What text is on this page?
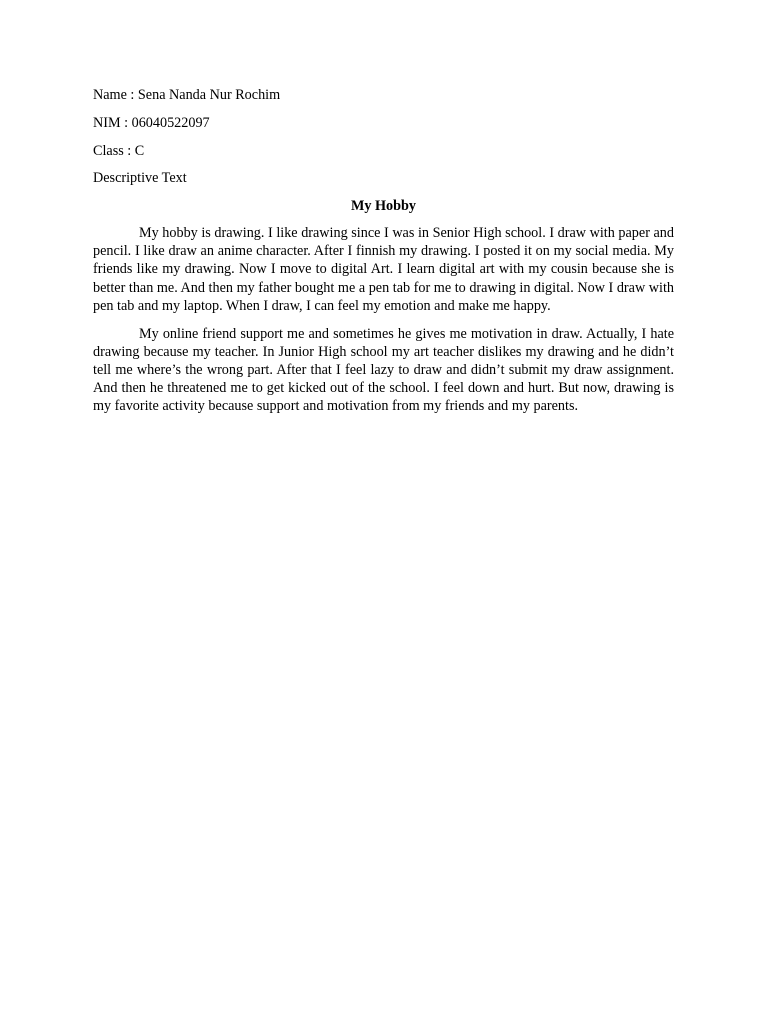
Name : Sena Nanda Nur Rochim
NIM : 06040522097
Class : C
Descriptive Text
My Hobby

My hobby is drawing. I like drawing since I was in Senior High school. I draw with paper and pencil. I like draw an anime character. After I finnish my drawing. I posted it on my social media. My friends like my drawing. Now I move to digital Art. I learn digital art with my cousin because she is better than me. And then my father bought me a pen tab for me to drawing in digital. Now I draw with pen tab and my laptop. When I draw, I can feel my emotion and make me happy.

My online friend support me and sometimes he gives me motivation in draw. Actually, I hate drawing because my teacher. In Junior High school my art teacher dislikes my drawing and he didn’t tell me where’s the wrong part. After that I feel lazy to draw and didn’t submit my draw assignment. And then he threatened me to get kicked out of the school. I feel down and hurt. But now, drawing is my favorite activity because support and motivation from my friends and my parents.
